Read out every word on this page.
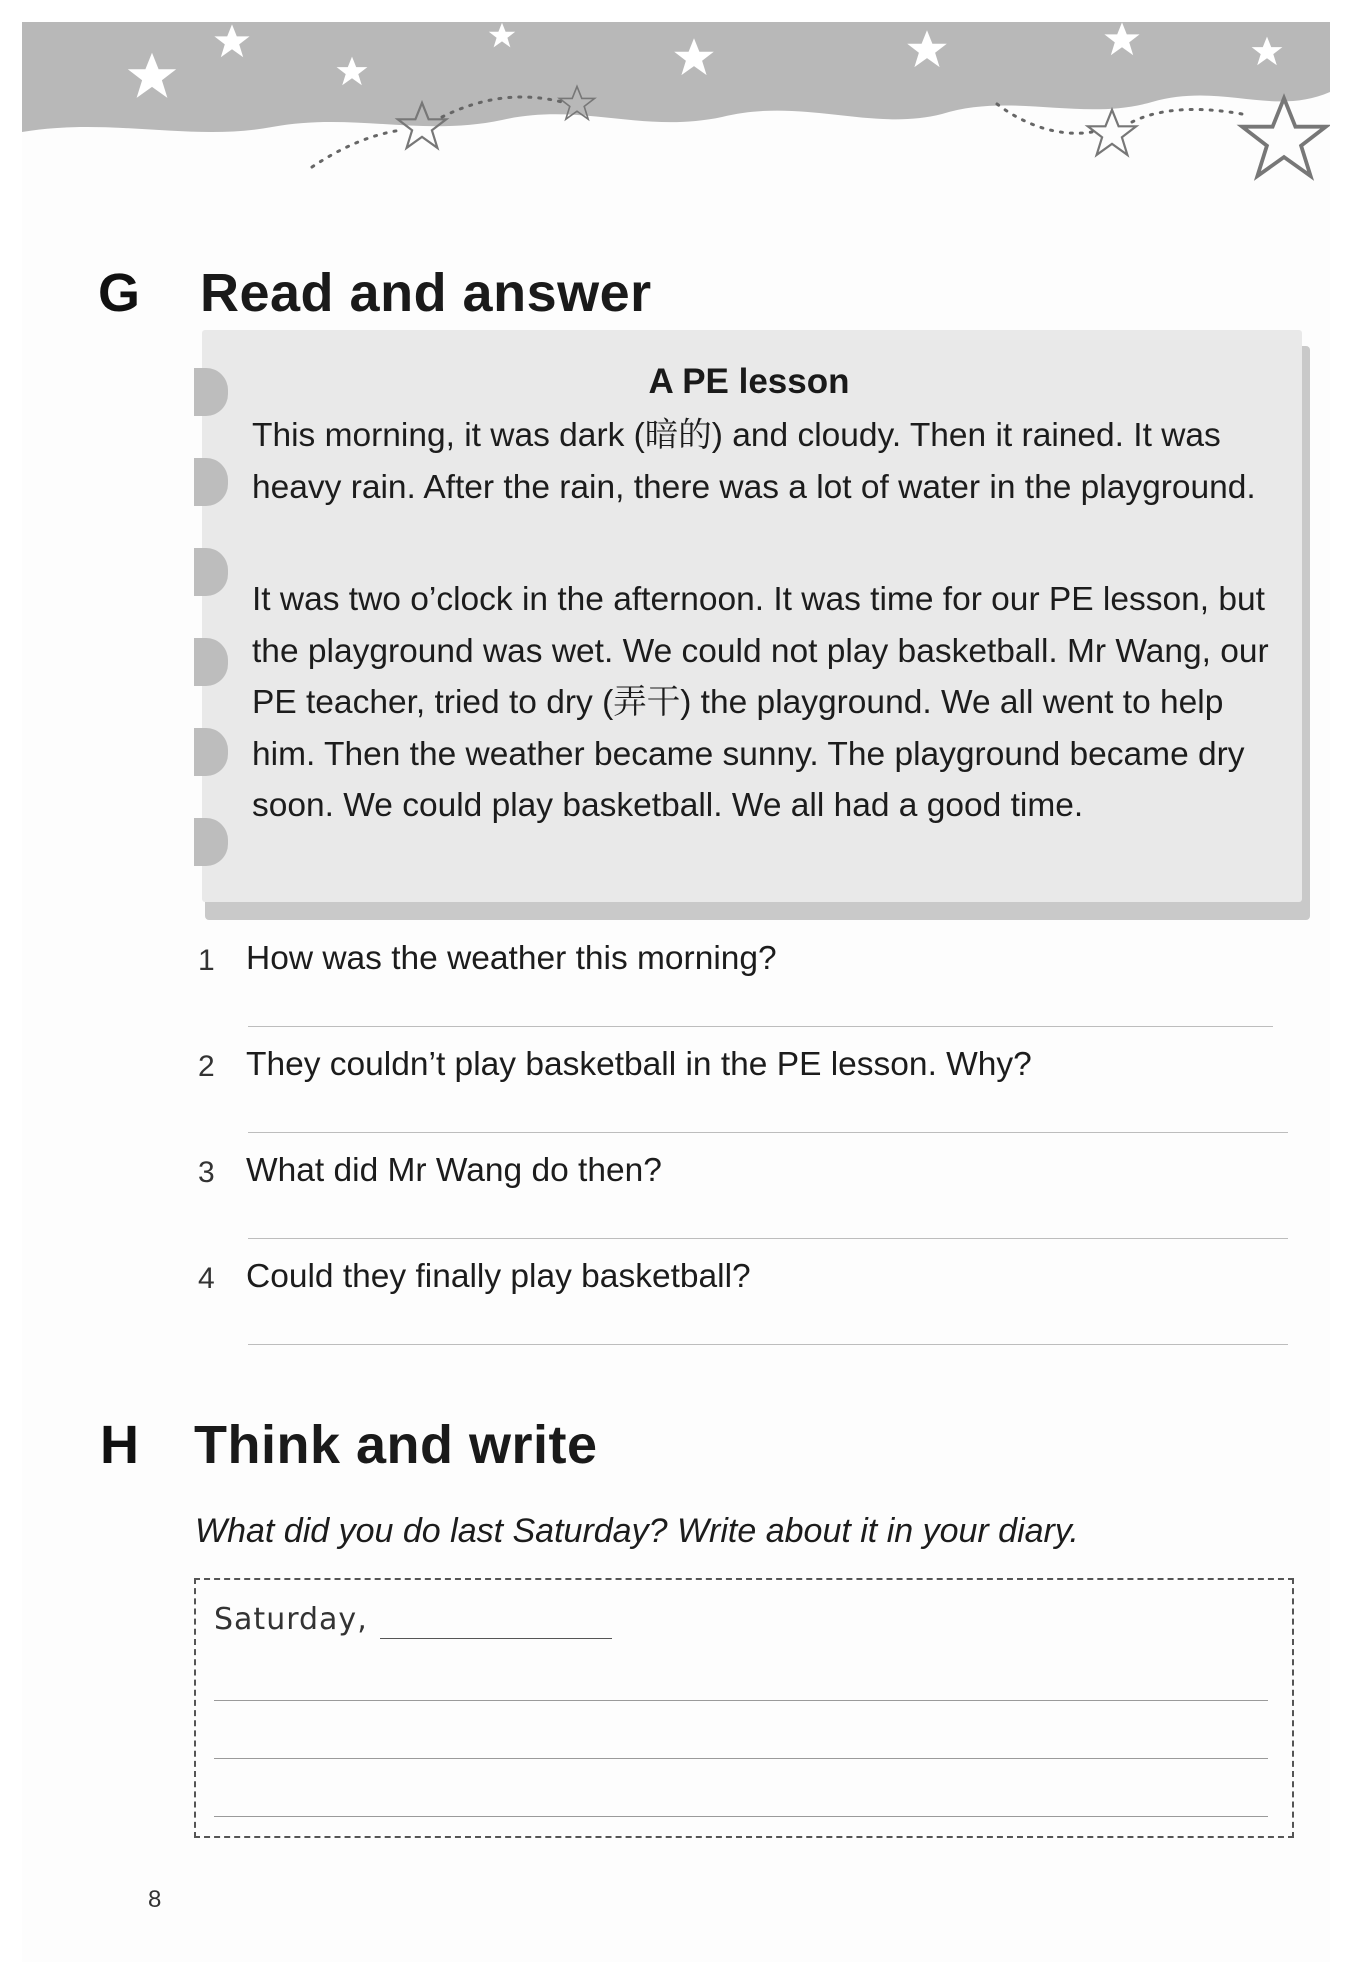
G Read and answer
A PE lesson
This morning, it was dark (暗的) and cloudy. Then it rained. It was heavy rain. After the rain, there was a lot of water in the playground.
It was two o’clock in the afternoon. It was time for our PE lesson, but the playground was wet. We could not play basketball. Mr Wang, our PE teacher, tried to dry (弄干) the playground. We all went to help him. Then the weather became sunny. The playground became dry soon. We could play basketball. We all had a good time.
1 How was the weather this morning?
2 They couldn’t play basketball in the PE lesson. Why?
3 What did Mr Wang do then?
4 Could they finally play basketball?
H Think and write
What did you do last Saturday? Write about it in your diary.
Saturday,
8
